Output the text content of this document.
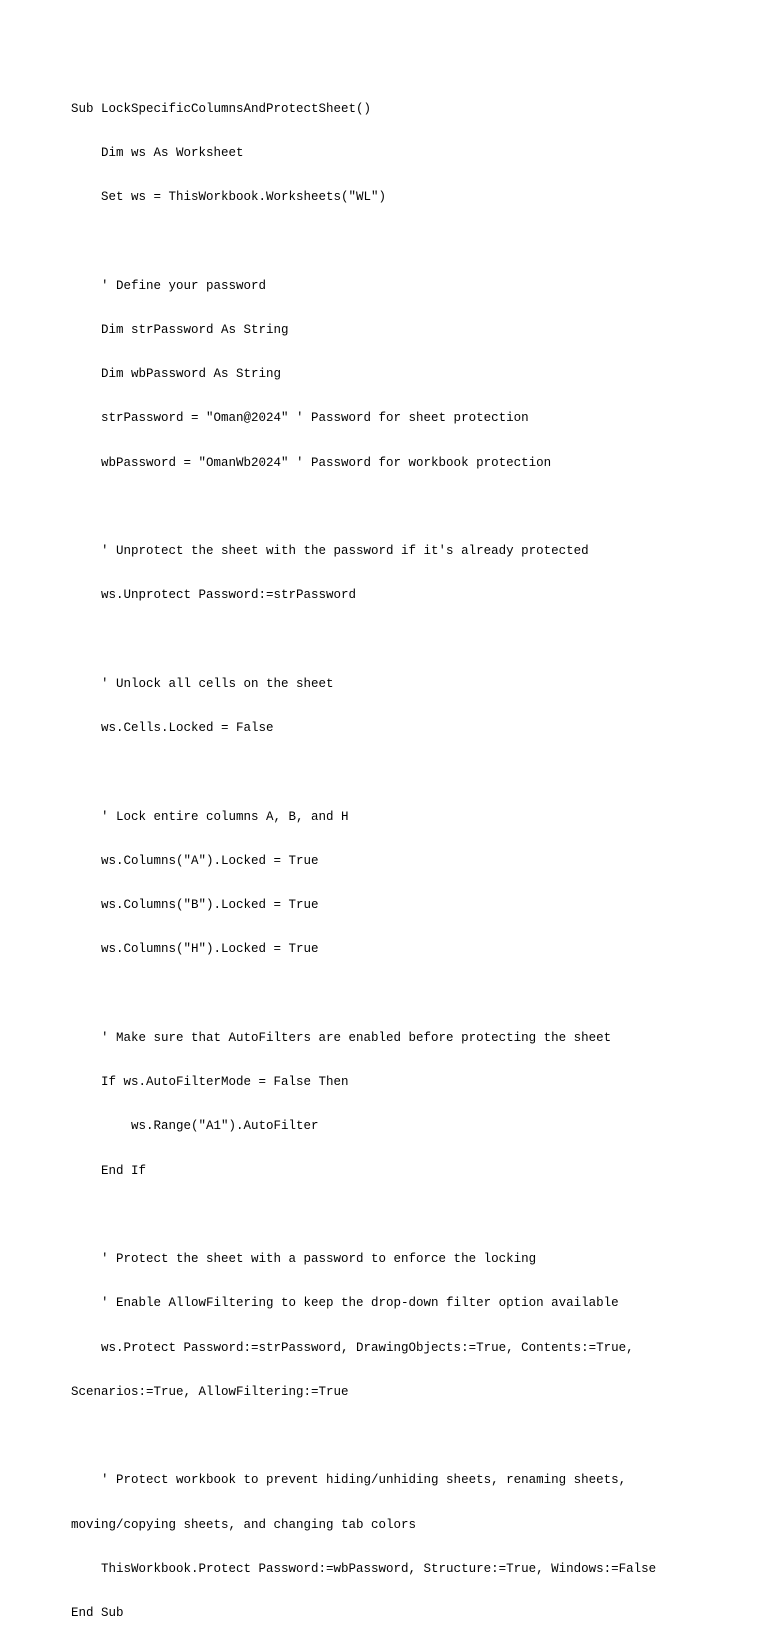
Sub LockSpecificColumnsAndProtectSheet()

Dim ws As Worksheet

Set ws = ThisWorkbook.Worksheets("WL")

' Define your password

Dim strPassword As String

Dim wbPassword As String

strPassword = "Oman@2024" ' Password for sheet protection

wbPassword = "OmanWb2024" ' Password for workbook protection

' Unprotect the sheet with the password if it's already protected

ws.Unprotect Password:=strPassword

' Unlock all cells on the sheet

ws.Cells.Locked = False

' Lock entire columns A, B, and H

ws.Columns("A").Locked = True

ws.Columns("B").Locked = True

ws.Columns("H").Locked = True

' Make sure that AutoFilters are enabled before protecting the sheet

If ws.AutoFilterMode = False Then

ws.Range("A1").AutoFilter

End If

' Protect the sheet with a password to enforce the locking

' Enable AllowFiltering to keep the drop-down filter option available

ws.Protect Password:=strPassword, DrawingObjects:=True, Contents:=True,

Scenarios:=True, AllowFiltering:=True

' Protect workbook to prevent hiding/unhiding sheets, renaming sheets,

moving/copying sheets, and changing tab colors

ThisWorkbook.Protect Password:=wbPassword, Structure:=True, Windows:=False

End Sub
